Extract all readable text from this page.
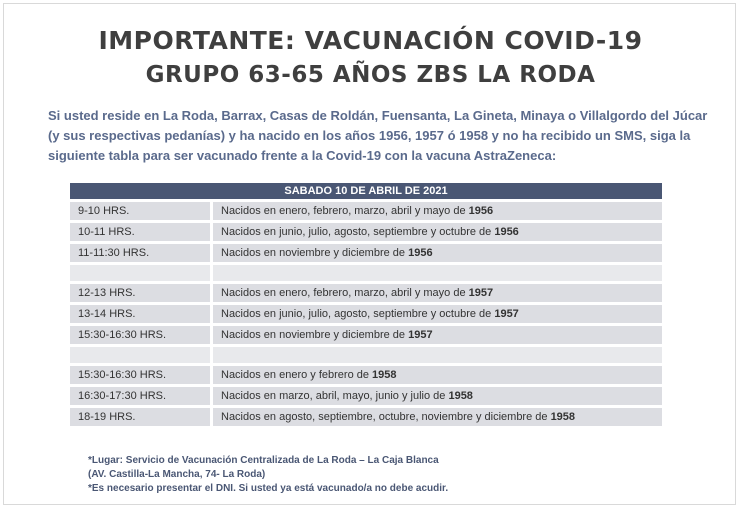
IMPORTANTE: VACUNACIÓN COVID-19
GRUPO 63-65 AÑOS ZBS LA RODA
Si usted reside en La Roda, Barrax, Casas de Roldán, Fuensanta, La Gineta, Minaya o Villalgordo del Júcar (y sus respectivas pedanías) y ha nacido en los años 1956, 1957 ó 1958 y no ha recibido un SMS, siga la siguiente tabla para ser vacunado frente a la Covid-19 con la vacuna AstraZeneca:
SABADO 10 DE ABRIL DE 2021	
9-10 HRS.	Nacidos en enero, febrero, marzo, abril y mayo de 1956
10-11 HRS.	Nacidos en junio, julio, agosto, septiembre y octubre de 1956
11-11:30 HRS.	Nacidos en noviembre y diciembre de 1956

12-13 HRS.	Nacidos en enero, febrero, marzo, abril y mayo de 1957
13-14 HRS.	Nacidos en junio, julio, agosto, septiembre y octubre de 1957
15:30-16:30 HRS.	Nacidos en noviembre y diciembre de 1957

15:30-16:30 HRS.	Nacidos en enero y febrero de 1958
16:30-17:30 HRS.	Nacidos en marzo, abril, mayo, junio y julio de 1958
18-19 HRS.	Nacidos en agosto, septiembre, octubre, noviembre y diciembre de 1958
*Lugar: Servicio de Vacunación Centralizada de La Roda – La Caja Blanca
(AV. Castilla-La Mancha, 74- La Roda)
*Es necesario presentar el DNI. Si usted ya está vacunado/a no debe acudir.
